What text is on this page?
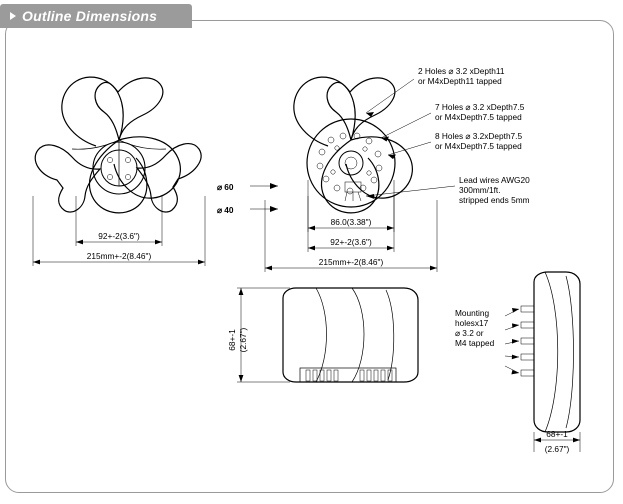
Outline Dimensions
92+-2(3.6")
215mm+-2(8.46")
2 Holes ⌀ 3.2 xDepth11
or M4xDepth11 tapped
7 Holes ⌀ 3.2 xDepth7.5
or M4xDepth7.5 tapped
8 Holes ⌀ 3.2xDepth7.5
or M4xDepth7.5 tapped
Lead wires AWG20
300mm/1ft.
stripped ends 5mm
⌀ 60
⌀ 40
86.0(3.38")
92+-2(3.6")
215mm+-2(8.46")
68+-1 (2.67")
Mounting
holesx17
⌀ 3.2 or
M4 tapped
68+-1
(2.67")
